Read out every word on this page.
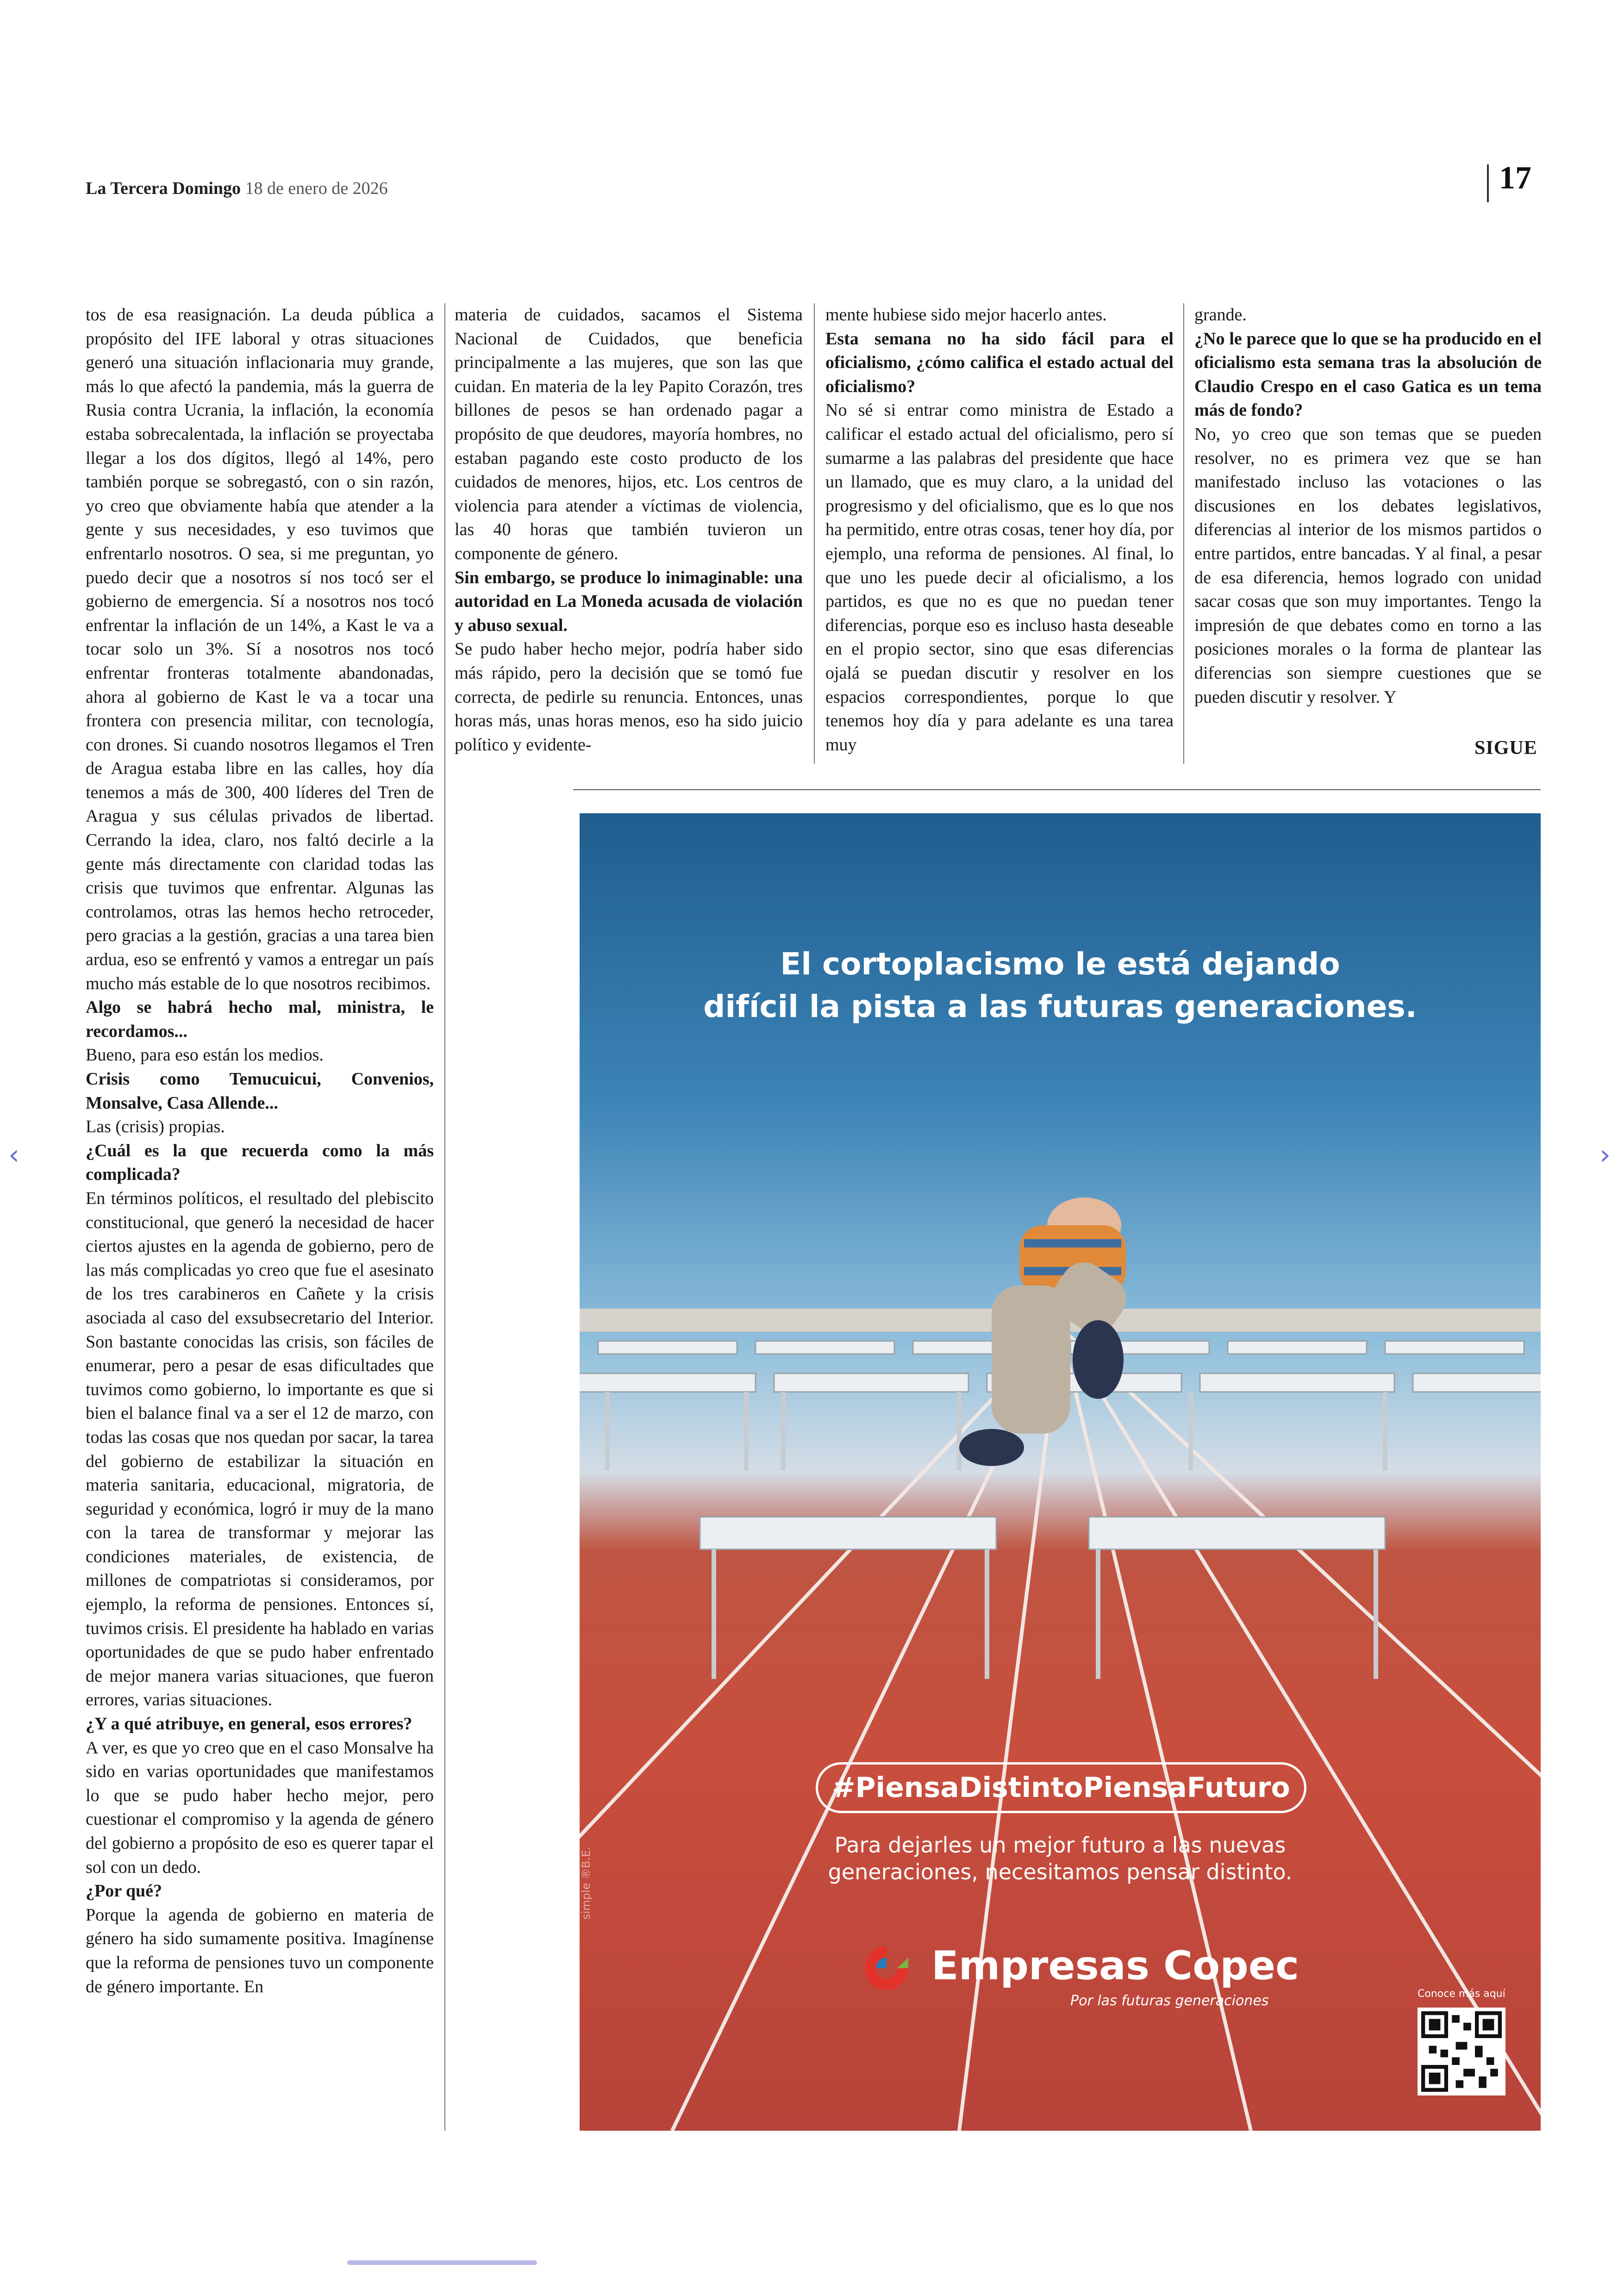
La Tercera Domingo 18 de enero de 2026	17

tos de esa reasignación. La deuda pública a propósito del IFE laboral y otras situaciones generó una situación inflacionaria muy grande, más lo que afectó la pandemia, más la guerra de Rusia contra Ucrania, la inflación, la economía estaba sobrecalentada, la inflación se proyectaba llegar a los dos dígitos, llegó al 14%, pero también porque se sobregastó, con o sin razón, yo creo que obviamente había que atender a la gente y sus necesidades, y eso tuvimos que enfrentarlo nosotros. O sea, si me preguntan, yo puedo decir que a nosotros sí nos tocó ser el gobierno de emergencia. Sí a nosotros nos tocó enfrentar la inflación de un 14%, a Kast le va a tocar solo un 3%. Sí a nosotros nos tocó enfrentar fronteras totalmente abandonadas, ahora al gobierno de Kast le va a tocar una frontera con presencia militar, con tecnología, con drones. Si cuando nosotros llegamos el Tren de Aragua estaba libre en las calles, hoy día tenemos a más de 300, 400 líderes del Tren de Aragua y sus células privados de libertad. Cerrando la idea, claro, nos faltó decirle a la gente más directamente con claridad todas las crisis que tuvimos que enfrentar. Algunas las controlamos, otras las hemos hecho retroceder, pero gracias a la gestión, gracias a una tarea bien ardua, eso se enfrentó y vamos a entregar un país mucho más estable de lo que nosotros recibimos.

Algo se habrá hecho mal, ministra, le recordamos...

Bueno, para eso están los medios.

Crisis como Temucuicui, Convenios, Monsalve, Casa Allende...

Las (crisis) propias.

¿Cuál es la que recuerda como la más complicada?

En términos políticos, el resultado del plebiscito constitucional, que generó la necesidad de hacer ciertos ajustes en la agenda de gobierno, pero de las más complicadas yo creo que fue el asesinato de los tres carabineros en Cañete y la crisis asociada al caso del exsubsecretario del Interior. Son bastante conocidas las crisis, son fáciles de enumerar, pero a pesar de esas dificultades que tuvimos como gobierno, lo importante es que si bien el balance final va a ser el 12 de marzo, con todas las cosas que nos quedan por sacar, la tarea del gobierno de estabilizar la situación en materia sanitaria, educacional, migratoria, de seguridad y económica, logró ir muy de la mano con la tarea de transformar y mejorar las condiciones materiales, de existencia, de millones de compatriotas si consideramos, por ejemplo, la reforma de pensiones. Entonces sí, tuvimos crisis. El presidente ha hablado en varias oportunidades de que se pudo haber enfrentado de mejor manera varias situaciones, que fueron errores, varias situaciones.

¿Y a qué atribuye, en general, esos errores?

A ver, es que yo creo que en el caso Monsalve ha sido en varias oportunidades que manifestamos lo que se pudo haber hecho mejor, pero cuestionar el compromiso y la agenda de género del gobierno a propósito de eso es querer tapar el sol con un dedo.

¿Por qué?

Porque la agenda de gobierno en materia de género ha sido sumamente positiva. Imagínense que la reforma de pensiones tuvo un componente de género importante. En

materia de cuidados, sacamos el Sistema Nacional de Cuidados, que beneficia principalmente a las mujeres, que son las que cuidan. En materia de la ley Papito Corazón, tres billones de pesos se han ordenado pagar a propósito de que deudores, mayoría hombres, no estaban pagando este costo producto de los cuidados de menores, hijos, etc. Los centros de violencia para atender a víctimas de violencia, las 40 horas que también tuvieron un componente de género.

Sin embargo, se produce lo inimaginable: una autoridad en La Moneda acusada de violación y abuso sexual.

Se pudo haber hecho mejor, podría haber sido más rápido, pero la decisión que se tomó fue correcta, de pedirle su renuncia. Entonces, unas horas más, unas horas menos, eso ha sido juicio político y evidente-

mente hubiese sido mejor hacerlo antes.

Esta semana no ha sido fácil para el oficialismo, ¿cómo califica el estado actual del oficialismo?

No sé si entrar como ministra de Estado a calificar el estado actual del oficialismo, pero sí sumarme a las palabras del presidente que hace un llamado, que es muy claro, a la unidad del progresismo y del oficialismo, que es lo que nos ha permitido, entre otras cosas, tener hoy día, por ejemplo, una reforma de pensiones. Al final, lo que uno les puede decir al oficialismo, a los partidos, es que no es que no puedan tener diferencias, porque eso es incluso hasta deseable en el propio sector, sino que esas diferencias ojalá se puedan discutir y resolver en los espacios correspondientes, porque lo que tenemos hoy día y para adelante es una tarea muy

grande.

¿No le parece que lo que se ha producido en el oficialismo esta semana tras la absolución de Claudio Crespo en el caso Gatica es un tema más de fondo?

No, yo creo que son temas que se pueden resolver, no es primera vez que se han manifestado incluso las votaciones o las discusiones en los debates legislativos, diferencias al interior de los mismos partidos o entre partidos, entre bancadas. Y al final, a pesar de esa diferencia, hemos logrado con unidad sacar cosas que son muy importantes. Tengo la impresión de que debates como en torno a las posiciones morales o la forma de plantear las diferencias son siempre cuestiones que se pueden discutir y resolver. Y

SIGUE
El cortoplacismo le está dejando
difícil la pista a las futuras generaciones.
#PiensaDistintoPiensaFuturo
Para dejarles un mejor futuro a las nuevas
generaciones, necesitamos pensar distinto.
Empresas Copec
Por las futuras generaciones
simple ®B.E.
Conoce más aquí
‹	›
